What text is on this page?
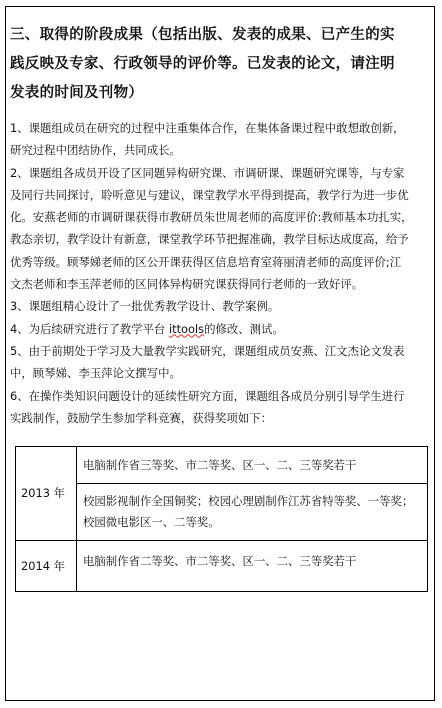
三、取得的阶段成果（包括出版、发表的成果、已产生的实
践反映及专家、行政领导的评价等。已发表的论文，请注明
发表的时间及刊物）
1、课题组成员在研究的过程中注重集体合作，在集体备课过程中敢想敢创新，
研究过程中团结协作，共同成长。
2、课题组各成员开设了区同题异构研究课、市调研课、课题研究课等，与专家
及同行共同探讨，聆听意见与建议，课堂教学水平得到提高，教学行为进一步优
化。安燕老师的市调研课获得市教研员朱世周老师的高度评价:教师基本功扎实，
教态亲切，教学设计有新意，课堂教学环节把握准确，教学目标达成度高，给予
优秀等级。顾琴娣老师的区公开课获得区信息培育室蒋丽清老师的高度评价;江
文杰老师和李玉萍老师的区同体异构研究课获得同行老师的一致好评。
3、课题组精心设计了一批优秀教学设计、教学案例。
4、为后续研究进行了教学平台 ittools的修改、测试。
5、由于前期处于学习及大量教学实践研究，课题组成员安燕、江文杰论文发表
中，顾琴娣、李玉萍论文撰写中。
6、在操作类知识问题设计的延续性研究方面，课题组各成员分别引导学生进行
实践制作，鼓励学生参加学科竞赛，获得奖项如下：
2013 年	电脑制作省三等奖、市二等奖、区一、二、三等奖若干
	校园影视制作全国铜奖；校园心理剧制作江苏省特等奖、一等奖；校园微电影区一、二等奖。
2014 年	电脑制作省二等奖、市二等奖、区一、二、三等奖若干
